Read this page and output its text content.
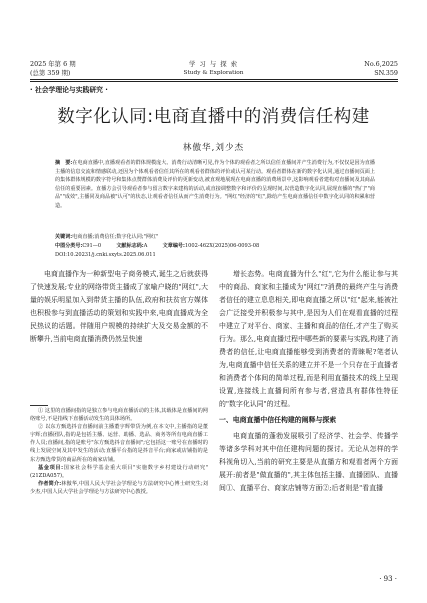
2025 年第 6 期
(总第 359 期)
学 习 与 探 索
Study & Exploration
No.6,2025
SN.359
· 社会学理论与实践研究 ·
数字化认同:电商直播中的消费信任构建
林傲华,刘少杰
摘　要:在电商直播中,直播观看者的群体规模庞大、消费行动清晰可见,作为个体的观看者之所以信任直播间并产生消费行为,不仅仅是因为直播主播的信息交流和情感联动,还因为个体观看者信任其所在的观看者群体的评价或认可某行动。观看者群体在新的数字化认同,通过直播间页面上的集体群体规模的数字符号和集体点赞群体消费及评价的更新变动,被直观地展现在电商直播的消费场景中,这影响观看者建构对直播间及其商品信任的重要因素。直播方会引导观看者参与留言数字来建构的活动,或直接调整数字和评价的呈现时间,以营造数字化认同,展现直播的"热门""商品""成效",主播同及商品被"认可"的状态,让观看者信任从而产生消费行为。"网红"经济的"红",除给产生电商直播信任中数字化认同的积累和营造。
关键词:电商直播;消费信任;数字化认同;"网红"
中图分类号:C91—0	文献标志码:A	文章编号:1002-462X(2025)06-0093-08
DOI:10.20231/j.cnki.sxyts.2025.06.011

电商直播作为一种新型电子商务模式,诞生之后就获得了快速发展;专业的网络带货主播成了家喻户晓的"网红",大量的娱乐明星加入到带货主播的队伍,政府和扶贫官方媒体也积极参与到直播活动的策划和实践中来,电商直播成为全民热议的话题。伴随用户规模的持续扩大及交易金额的不断攀升,当前电商直播消费仍然呈快速

① 这里的直播间指的是独立参与电商直播活动的主体,其载体是直播间的网络账号,不是指线下直播活动发生的具体场所。

② 以东方甄选抖音直播间前主播董宇辉带货为例,在本文中,主播指的是董宇辉;直播团队,指的是包括主播、运营、助播、选品、商务等所有电商直播工作人员;直播间,指的是账号"东方甄选抖音直播间";它包括这一账号在直播时的线上发展空间及其中发生的活动;直播平台指的是抖音平台;商家或店铺指的是东方甄选带货的商品所在的商家店铺。

基金项目:国家社会科学基金重大项目"实施数字乡村建设行动研究"(21ZDA057)。

作者简介:林傲华,中国人民大学社会学理论与方法研究中心博士研究生;刘少杰,中国人民大学社会学理论与方法研究中心教授。

增长态势。电商直播为什么"红",它为什么能让参与其中的商品、商家和主播成为"网红"?消费的最终产生与消费者信任的建立息息相关,即电商直播之所以"红"起来,能被社会广泛接受并积极参与其中,是因为人们在观看直播的过程中建立了对平台、商家、主播和商品的信任,才产生了购买行为。那么,电商直播过程中哪些新的要素与实践,构建了消费者的信任,让电商直播能够受到消费者的青睐呢?笔者认为,电商直播中信任关系的建立并不是一个只存在于直播者和消费者个体间的简单过程,而是利用直播技术的线上呈现设置,连接线上直播间所有参与者,营造具有群体性特征的"数字化认同"的过程。

一、电商直播中信任构建的阐释与探索

电商直播的蓬勃发展吸引了经济学、社会学、传播学等诸多学科对其中信任建构问题的探讨。无论从怎样的学科视角切入,当前的研究主要是从直播方和观看者两个方面展开:前者是"做直播的",其主体包括主播、直播团队、直播间①、直播平台、商家店铺等方面②;后者则是"看直播

· 93 ·
